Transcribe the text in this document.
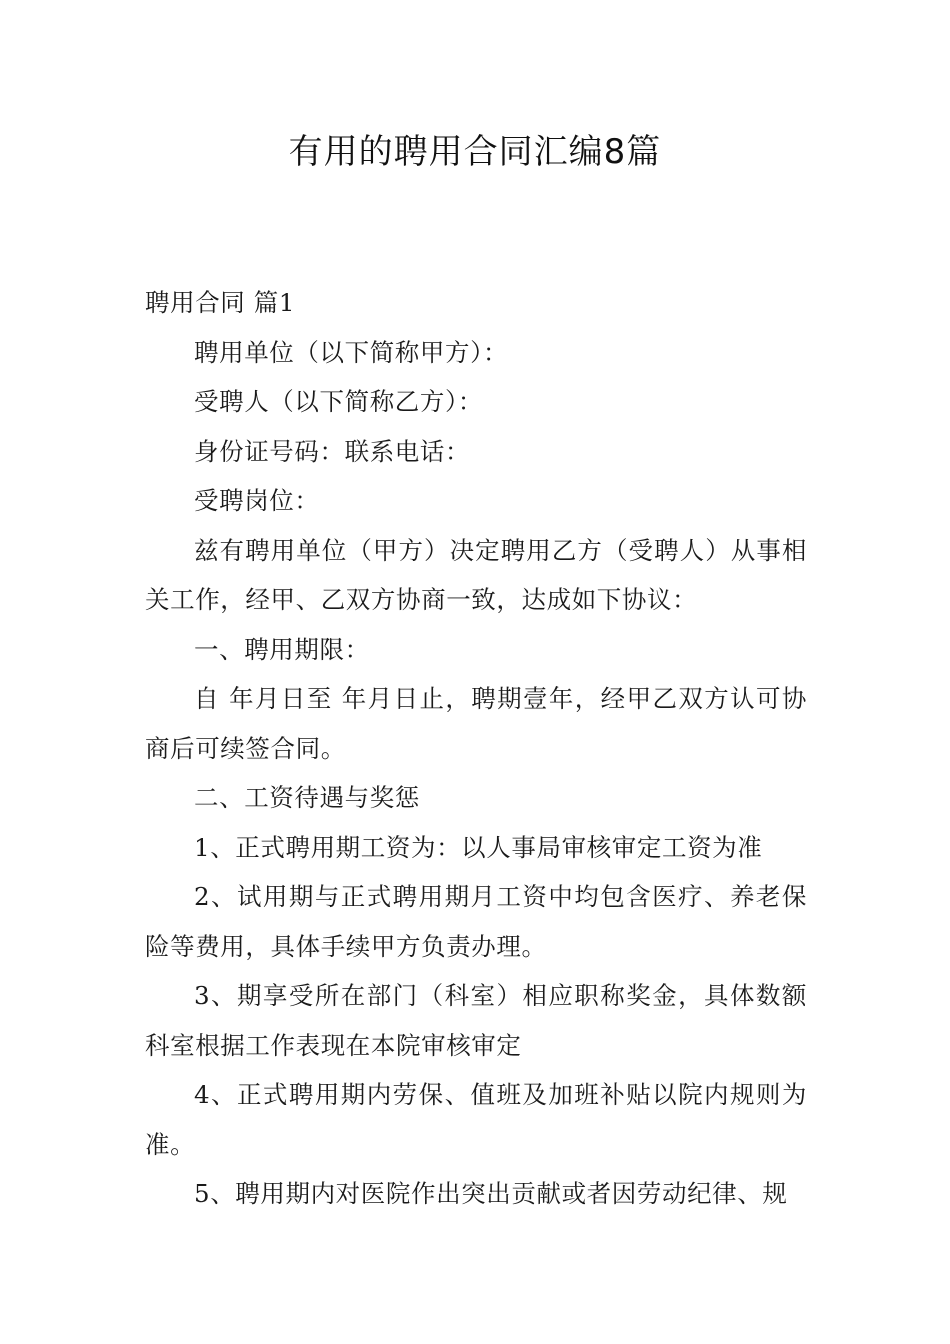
有用的聘用合同汇编8篇

聘用合同 篇1

聘用单位（以下简称甲方）：

受聘人（以下简称乙方）：

身份证号码：联系电话：

受聘岗位：

兹有聘用单位（甲方）决定聘用乙方（受聘人）从事相关工作，经甲、乙双方协商一致，达成如下协议：

一、聘用期限：

自 年月日至 年月日止，聘期壹年，经甲乙双方认可协商后可续签合同。

二、工资待遇与奖惩

1、正式聘用期工资为：以人事局审核审定工资为准

2、试用期与正式聘用期月工资中均包含医疗、养老保险等费用，具体手续甲方负责办理。

3、期享受所在部门（科室）相应职称奖金，具体数额科室根据工作表现在本院审核审定

4、正式聘用期内劳保、值班及加班补贴以院内规则为准。

5、聘用期内对医院作出突出贡献或者因劳动纪律、规
